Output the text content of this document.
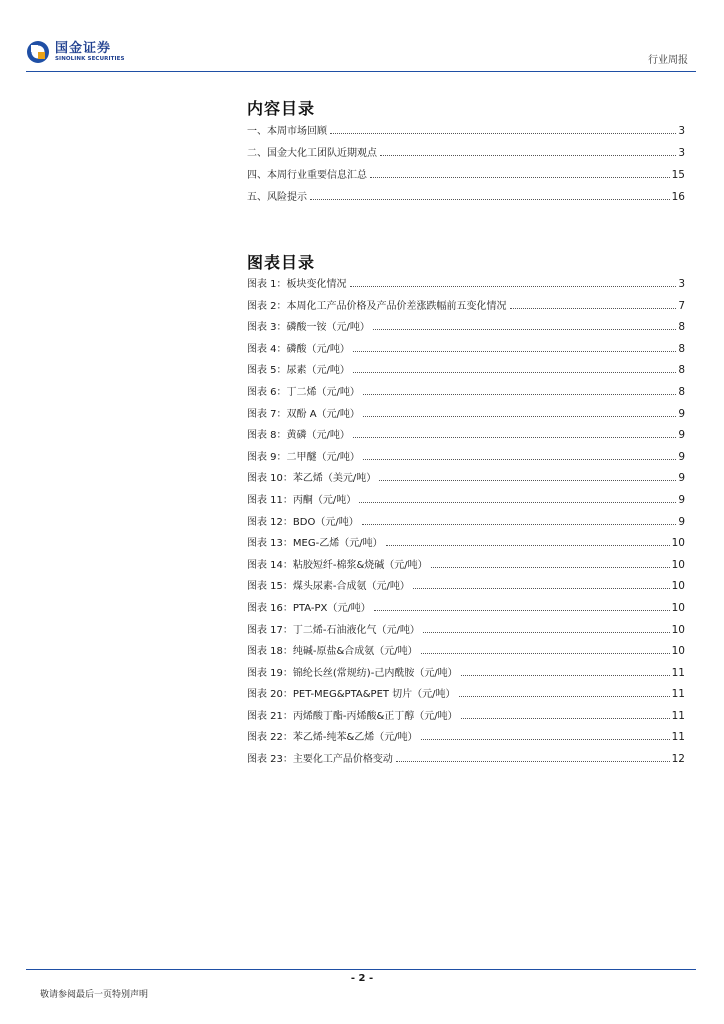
国金证券
SINOLINK SECURITIES	行业周报
内容目录
一、本周市场回顾	3
二、国金大化工团队近期观点	3
四、本周行业重要信息汇总	15
五、风险提示	16
图表目录
图表 1：板块变化情况	3
图表 2：本周化工产品价格及产品价差涨跌幅前五变化情况	7
图表 3：磷酸一铵（元/吨）	8
图表 4：磷酸（元/吨）	8
图表 5：尿素（元/吨）	8
图表 6：丁二烯（元/吨）	8
图表 7：双酚 A（元/吨）	9
图表 8：黄磷（元/吨）	9
图表 9：二甲醚（元/吨）	9
图表 10：苯乙烯（美元/吨）	9
图表 11：丙酮（元/吨）	9
图表 12：BDO（元/吨）	9
图表 13：MEG-乙烯（元/吨）	10
图表 14：粘胶短纤-棉浆&烧碱（元/吨）	10
图表 15：煤头尿素-合成氨（元/吨）	10
图表 16：PTA-PX（元/吨）	10
图表 17：丁二烯-石油液化气（元/吨）	10
图表 18：纯碱-原盐&合成氨（元/吨）	10
图表 19：锦纶长丝(常规纺)-己内酰胺（元/吨）	11
图表 20：PET-MEG&PTA&PET 切片（元/吨）	11
图表 21：丙烯酸丁酯-丙烯酸&正丁醇（元/吨）	11
图表 22：苯乙烯-纯苯&乙烯（元/吨）	11
图表 23：主要化工产品价格变动	12
- 2 -
敬请参阅最后一页特别声明
